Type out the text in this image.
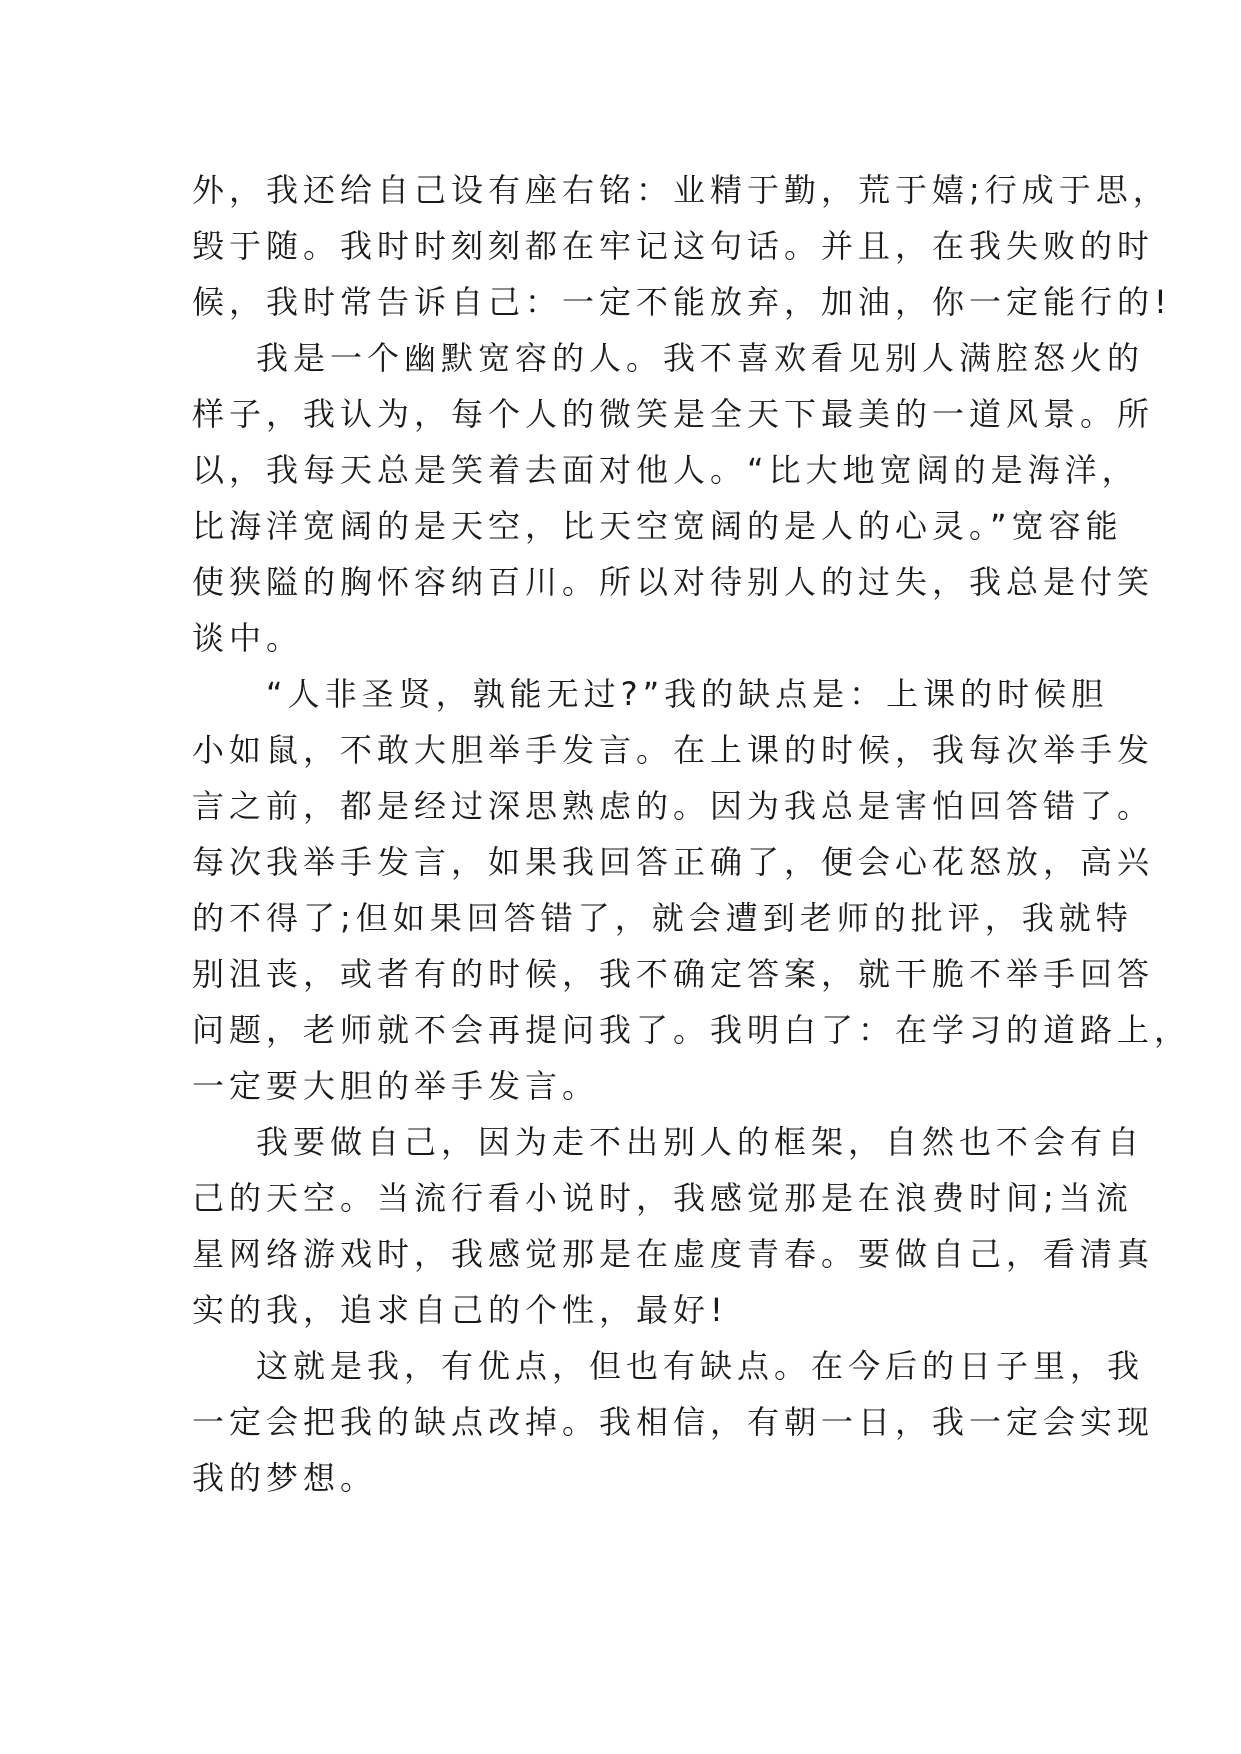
外，我还给自己设有座右铭：业精于勤，荒于嬉;行成于思，
毁于随。我时时刻刻都在牢记这句话。并且，在我失败的时
候，我时常告诉自己：一定不能放弃，加油，你一定能行的!
我是一个幽默宽容的人。我不喜欢看见别人满腔怒火的
样子，我认为，每个人的微笑是全天下最美的一道风景。所
以，我每天总是笑着去面对他人。“比大地宽阔的是海洋，
比海洋宽阔的是天空，比天空宽阔的是人的心灵。”宽容能
使狭隘的胸怀容纳百川。所以对待别人的过失，我总是付笑
谈中。
“人非圣贤，孰能无过?”我的缺点是：上课的时候胆
小如鼠，不敢大胆举手发言。在上课的时候，我每次举手发
言之前，都是经过深思熟虑的。因为我总是害怕回答错了。
每次我举手发言，如果我回答正确了，便会心花怒放，高兴
的不得了;但如果回答错了，就会遭到老师的批评，我就特
别沮丧，或者有的时候，我不确定答案，就干脆不举手回答
问题，老师就不会再提问我了。我明白了：在学习的道路上，
一定要大胆的举手发言。
我要做自己，因为走不出别人的框架，自然也不会有自
己的天空。当流行看小说时，我感觉那是在浪费时间;当流
星网络游戏时，我感觉那是在虚度青春。要做自己，看清真
实的我，追求自己的个性，最好!
这就是我，有优点，但也有缺点。在今后的日子里，我
一定会把我的缺点改掉。我相信，有朝一日，我一定会实现
我的梦想。
